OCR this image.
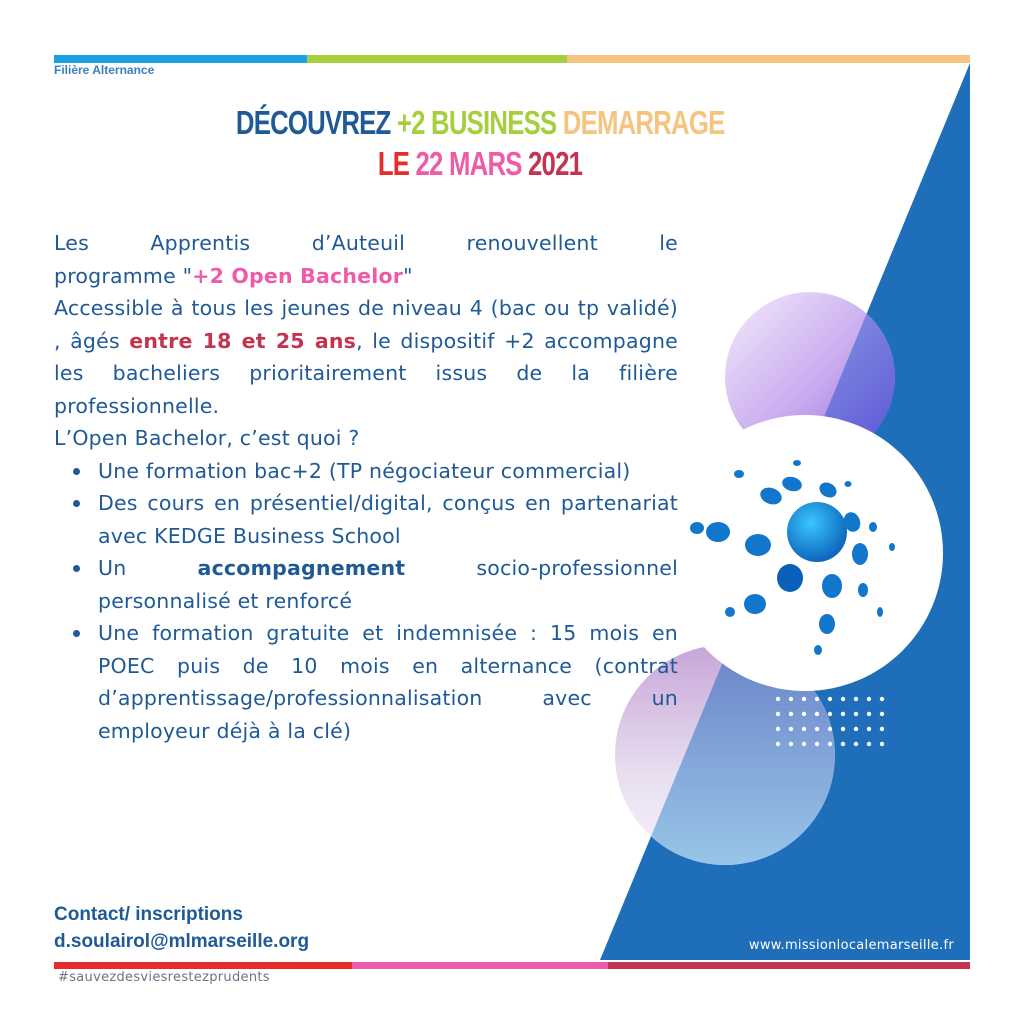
Filière Alternance
DÉCOUVREZ +2 BUSINESS DEMARRAGE
LE 22 MARS 2021

Les Apprentis d’Auteuil renouvellent le

programme "+2 Open Bachelor"

Accessible à tous les jeunes de niveau 4 (bac ou tp validé) , âgés entre 18 et 25 ans, le dispositif +2 accompagne les bacheliers prioritairement issus de la filière professionnelle.

L’Open Bachelor, c’est quoi ?

Une formation bac+2 (TP négociateur commercial)
Des cours en présentiel/digital, conçus en partenariat avec KEDGE Business School
Un accompagnement socio-professionnel personnalisé et renforcé
Une formation gratuite et indemnisée : 15 mois en POEC puis de 10 mois en alternance (contrat d’apprentissage/professionnalisation avec un employeur déjà à la clé)
Contact/ inscriptions
d.soulairol@mlmarseille.org	www.missionlocalemarseille.fr
#sauvezdesviesrestezprudents
